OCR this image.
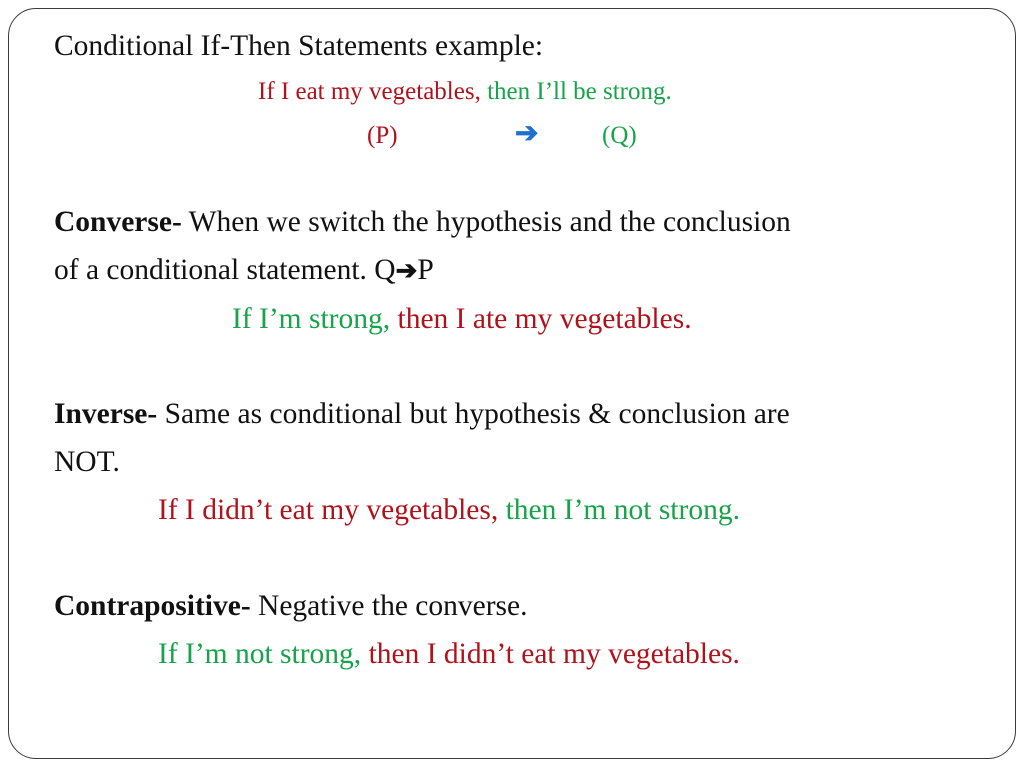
Conditional If-Then Statements example:
If I eat my vegetables, then I’ll be strong.
(P)	➔	(Q)
Converse- When we switch the hypothesis and the conclusion
of a conditional statement. Q➔P
If I’m strong, then I ate my vegetables.
Inverse- Same as conditional but hypothesis & conclusion are
NOT.
If I didn’t eat my vegetables, then I’m not strong.
Contrapositive- Negative the converse.
If I’m not strong, then I didn’t eat my vegetables.
